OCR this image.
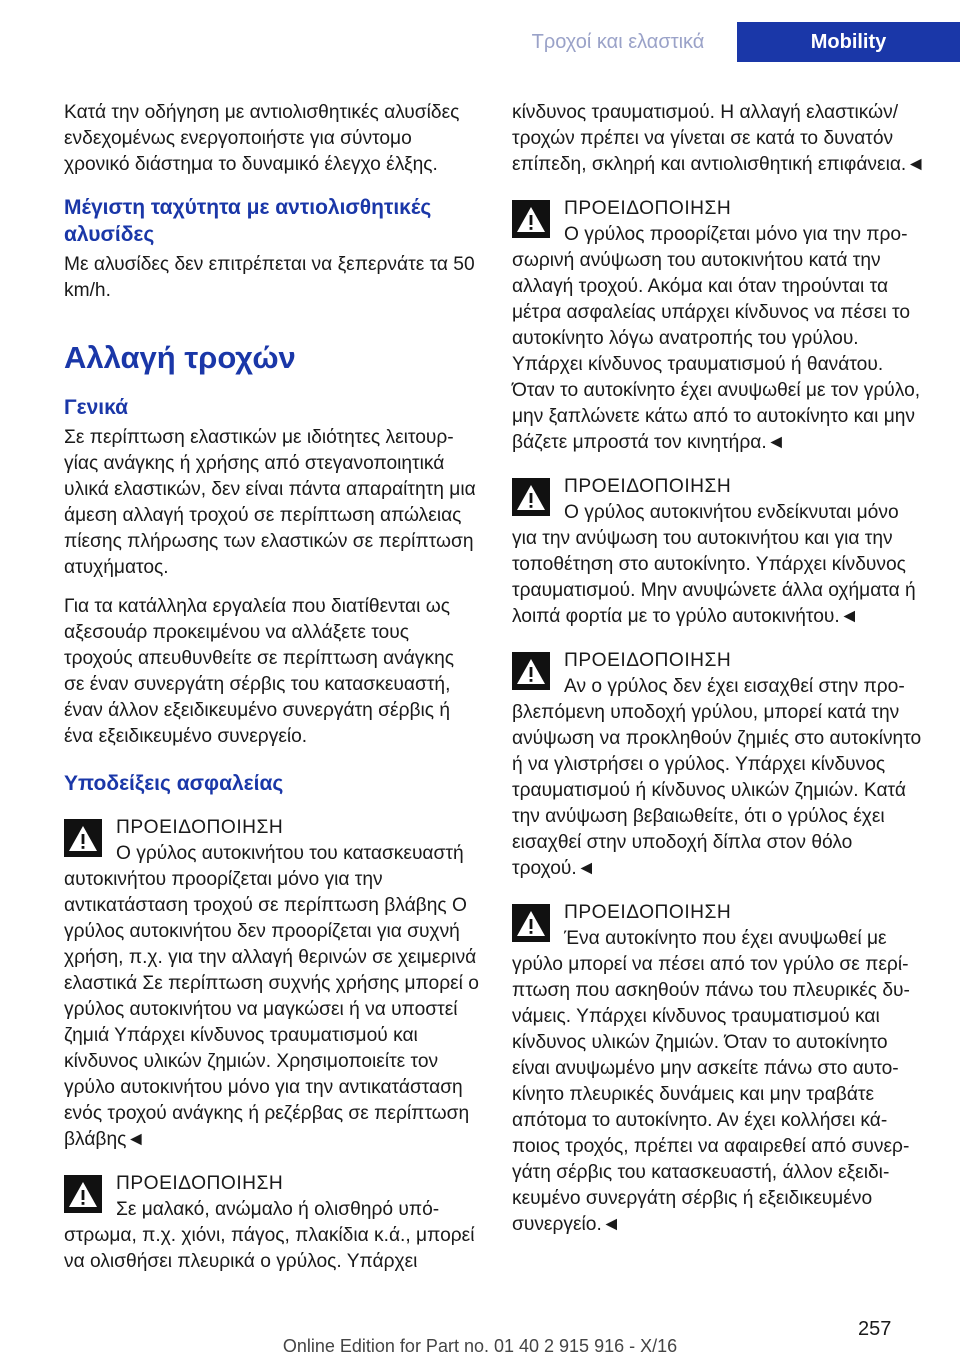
Τροχοί και ελαστικά	Mobility

Κατά την οδήγηση με αντιολισθητικές αλυσίδες ενδεχομένως ενεργοποιήστε για σύντομο χρονικό διάστημα το δυναμικό έλεγχο έλξης.

Μέγιστη ταχύτητα με αντιολισθητικές αλυσίδες

Με αλυσίδες δεν επιτρέπεται να ξεπερνάτε τα 50 km/h.

Αλλαγή τροχών
Γενικά

Σε περίπτωση ελαστικών με ιδιότητες λειτουργίας ανάγκης ή χρήσης από στεγανοποιητικά υλικά ελαστικών, δεν είναι πάντα απαραίτητη μια άμεση αλλαγή τροχού σε περίπτωση απώλειας πίεσης πλήρωσης των ελαστικών σε περίπτωση ατυχήματος.

Για τα κατάλληλα εργαλεία που διατίθενται ως αξεσουάρ προκειμένου να αλλάξετε τους τροχούς απευθυνθείτε σε περίπτωση ανάγκης σε έναν συνεργάτη σέρβις του κατασκευαστή, έναν άλλον εξειδικευμένο συνεργάτη σέρβις ή ένα εξειδικευμένο συνεργείο.

Υποδείξεις ασφαλείας

ΠΡΟΕΙΔΟΠΟΙΗΣΗ

Ο γρύλος αυτοκινήτου του κατασκευαστή αυτοκινήτου προορίζεται μόνο για την αντικατάσταση τροχού σε περίπτωση βλάβης Ο γρύλος αυτοκινήτου δεν προορίζεται για συχνή χρήση, π.χ. για την αλλαγή θερινών σε χειμερινά ελαστικά Σε περίπτωση συχνής χρήσης μπορεί ο γρύλος αυτοκινήτου να μαγκώσει ή να υποστεί ζημιά Υπάρχει κίνδυνος τραυματισμού και κίνδυνος υλικών ζημιών. Χρησιμοποιείτε τον γρύλο αυτοκινήτου μόνο για την αντικατάσταση ενός τροχού ανάγκης ή ρεζέρβας σε περίπτωση βλάβης◄

ΠΡΟΕΙΔΟΠΟΙΗΣΗ

Σε μαλακό, ανώμαλο ή ολισθηρό υπόστρωμα, π.χ. χιόνι, πάγος, πλακίδια κ.ά., μπορεί να ολισθήσει πλευρικά ο γρύλος. Υπάρχει

κίνδυνος τραυματισμού. Η αλλαγή ελαστικών/ τροχών πρέπει να γίνεται σε κατά το δυνατόν επίπεδη, σκληρή και αντιολισθητική επιφάνεια.◄

ΠΡΟΕΙΔΟΠΟΙΗΣΗ

Ο γρύλος προορίζεται μόνο για την προσωρινή ανύψωση του αυτοκινήτου κατά την αλλαγή τροχού. Ακόμα και όταν τηρούνται τα μέτρα ασφαλείας υπάρχει κίνδυνος να πέσει το αυτοκίνητο λόγω ανατροπής του γρύλου. Υπάρχει κίνδυνος τραυματισμού ή θανάτου. Όταν το αυτοκίνητο έχει ανυψωθεί με τον γρύλο, μην ξαπλώνετε κάτω από το αυτοκίνητο και μην βάζετε μπροστά τον κινητήρα.◄

ΠΡΟΕΙΔΟΠΟΙΗΣΗ

Ο γρύλος αυτοκινήτου ενδείκνυται μόνο για την ανύψωση του αυτοκινήτου και για την τοποθέτηση στο αυτοκίνητο. Υπάρχει κίνδυνος τραυματισμού. Μην ανυψώνετε άλλα οχήματα ή λοιπά φορτία με το γρύλο αυτοκινήτου.◄

ΠΡΟΕΙΔΟΠΟΙΗΣΗ

Αν ο γρύλος δεν έχει εισαχθεί στην προβλεπόμενη υποδοχή γρύλου, μπορεί κατά την ανύψωση να προκληθούν ζημιές στο αυτοκίνητο ή να γλιστρήσει ο γρύλος. Υπάρχει κίνδυνος τραυματισμού ή κίνδυνος υλικών ζημιών. Κατά την ανύψωση βεβαιωθείτε, ότι ο γρύλος έχει εισαχθεί στην υποδοχή δίπλα στον θόλο τροχού.◄

ΠΡΟΕΙΔΟΠΟΙΗΣΗ

Ένα αυτοκίνητο που έχει ανυψωθεί με γρύλο μπορεί να πέσει από τον γρύλο σε περίπτωση που ασκηθούν πάνω του πλευρικές δυνάμεις. Υπάρχει κίνδυνος τραυματισμού και κίνδυνος υλικών ζημιών. Όταν το αυτοκίνητο είναι ανυψωμένο μην ασκείτε πάνω στο αυτοκίνητο πλευρικές δυνάμεις και μην τραβάτε απότομα το αυτοκίνητο. Αν έχει κολλήσει κάποιος τροχός, πρέπει να αφαιρεθεί από συνεργάτη σέρβις του κατασκευαστή, άλλον εξειδικευμένο συνεργάτη σέρβις ή εξειδικευμένο συνεργείο.◄

257
Online Edition for Part no. 01 40 2 915 916 - X/16
